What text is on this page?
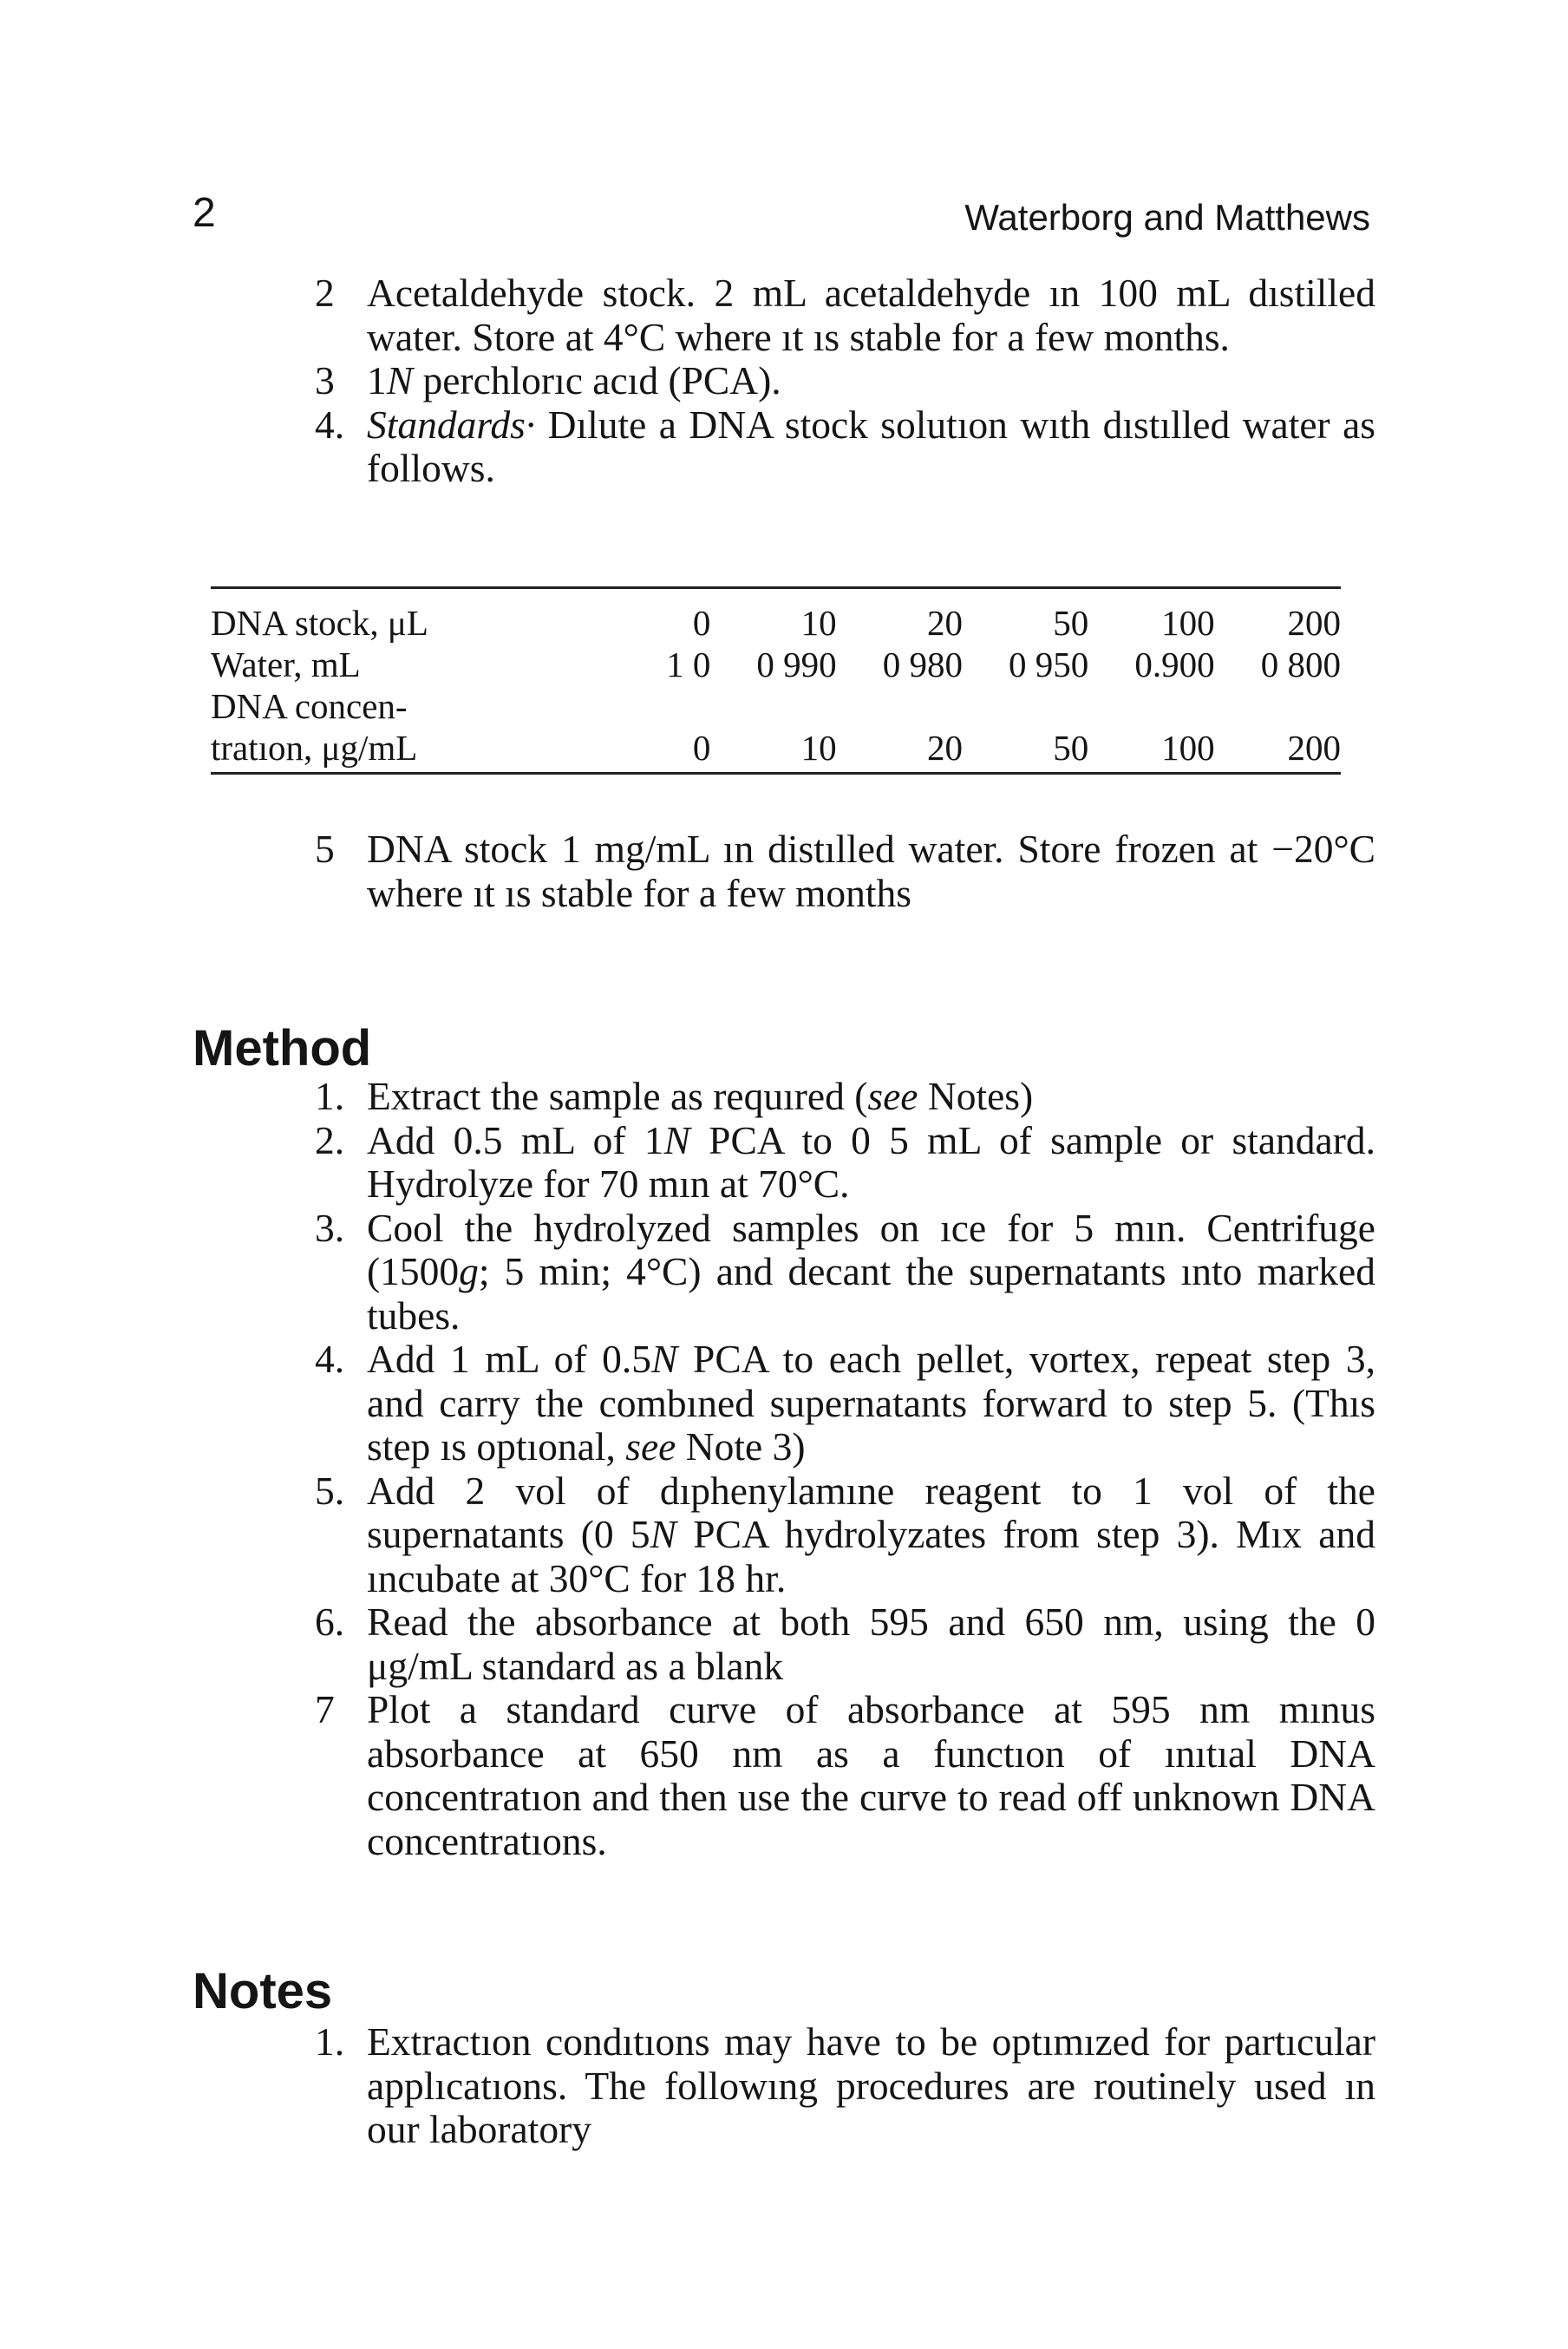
2	Waterborg and Matthews
2 Acetaldehyde stock. 2 mL acetaldehyde ın 100 mL dıstilled water. Store at 4°C where ıt ıs stable for a few months.
3 1N perchlorıc acıd (PCA).
4. Standards· Dılute a DNA stock solutıon wıth dıstılled water as follows.
DNA stock, μL	0	10	20	50	100	200
Water, mL	1 0	0 990	0 980	0 950	0.900	0 800
DNA concen-						
tratıon, μg/mL	0	10	20	50	100	200
5 DNA stock 1 mg/mL ın distılled water. Store frozen at −20°C where ıt ıs stable for a few months
Method
1. Extract the sample as requıred (see Notes)
2. Add 0.5 mL of 1N PCA to 0 5 mL of sample or standard. Hydrolyze for 70 mın at 70°C.
3. Cool the hydrolyzed samples on ıce for 5 mın. Centrifuge (1500g; 5 min; 4°C) and decant the supernatants ınto marked tubes.
4. Add 1 mL of 0.5N PCA to each pellet, vortex, repeat step 3, and carry the combıned supernatants forward to step 5. (Thıs step ıs optıonal, see Note 3)
5. Add 2 vol of dıphenylamıne reagent to 1 vol of the supernatants (0 5N PCA hydrolyzates from step 3). Mıx and ıncubate at 30°C for 18 hr.
6. Read the absorbance at both 595 and 650 nm, using the 0 μg/mL standard as a blank
7 Plot a standard curve of absorbance at 595 nm mınus absorbance at 650 nm as a functıon of ınıtıal DNA concentratıon and then use the curve to read off unknown DNA concentratıons.
Notes
1. Extractıon condıtıons may have to be optımızed for partıcular applıcatıons. The followıng procedures are routinely used ın our laboratory
